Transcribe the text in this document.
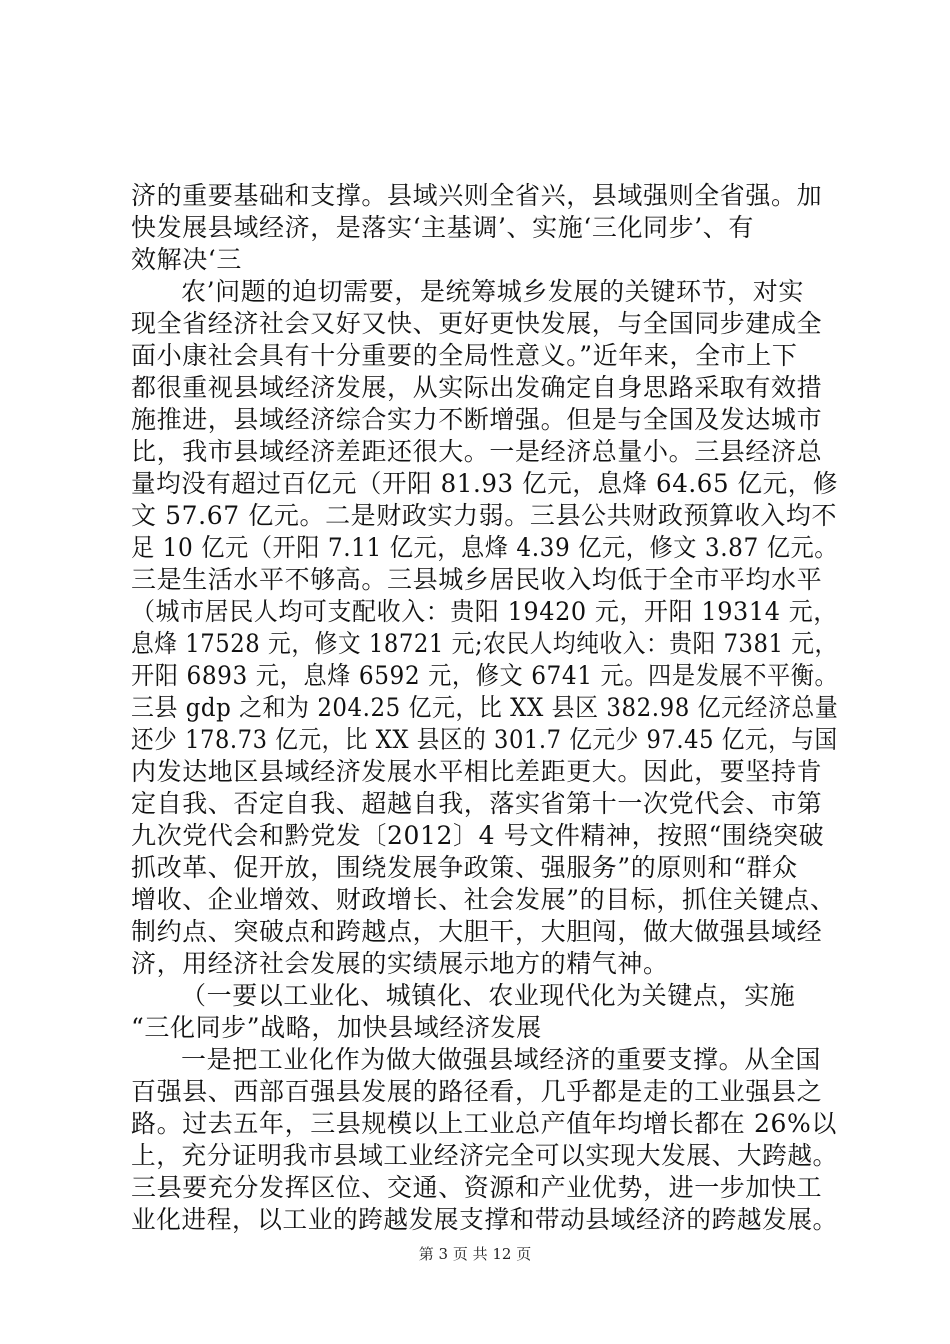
济的重要基础和支撑。县域兴则全省兴，县域强则全省强。加
快发展县域经济，是落实‘主基调’、实施‘三化同步’、有
效解决‘三
农’问题的迫切需要，是统筹城乡发展的关键环节，对实
现全省经济社会又好又快、更好更快发展，与全国同步建成全
面小康社会具有十分重要的全局性意义。”近年来，全市上下
都很重视县域经济发展，从实际出发确定自身思路采取有效措
施推进，县域经济综合实力不断增强。但是与全国及发达城市
比，我市县域经济差距还很大。一是经济总量小。三县经济总
量均没有超过百亿元（开阳 81.93 亿元，息烽 64.65 亿元，修
文 57.67 亿元。二是财政实力弱。三县公共财政预算收入均不
足 10 亿元（开阳 7.11 亿元，息烽 4.39 亿元，修文 3.87 亿元。
三是生活水平不够高。三县城乡居民收入均低于全市平均水平
（城市居民人均可支配收入：贵阳 19420 元，开阳 19314 元，
息烽 17528 元，修文 18721 元;农民人均纯收入：贵阳 7381 元，
开阳 6893 元，息烽 6592 元，修文 6741 元。四是发展不平衡。
三县 gdp 之和为 204.25 亿元，比 XX 县区 382.98 亿元经济总量
还少 178.73 亿元，比 XX 县区的 301.7 亿元少 97.45 亿元，与国
内发达地区县域经济发展水平相比差距更大。因此，要坚持肯
定自我、否定自我、超越自我，落实省第十一次党代会、市第
九次党代会和黔党发〔2012〕4 号文件精神，按照“围绕突破
抓改革、促开放，围绕发展争政策、强服务”的原则和“群众
增收、企业增效、财政增长、社会发展”的目标，抓住关键点、
制约点、突破点和跨越点，大胆干，大胆闯，做大做强县域经
济，用经济社会发展的实绩展示地方的精气神。
（一要以工业化、城镇化、农业现代化为关键点，实施
“三化同步”战略，加快县域经济发展
一是把工业化作为做大做强县域经济的重要支撑。从全国
百强县、西部百强县发展的路径看，几乎都是走的工业强县之
路。过去五年，三县规模以上工业总产值年均增长都在 26%以
上，充分证明我市县域工业经济完全可以实现大发展、大跨越。
三县要充分发挥区位、交通、资源和产业优势，进一步加快工
业化进程，以工业的跨越发展支撑和带动县域经济的跨越发展。
第 3 页 共 12 页
